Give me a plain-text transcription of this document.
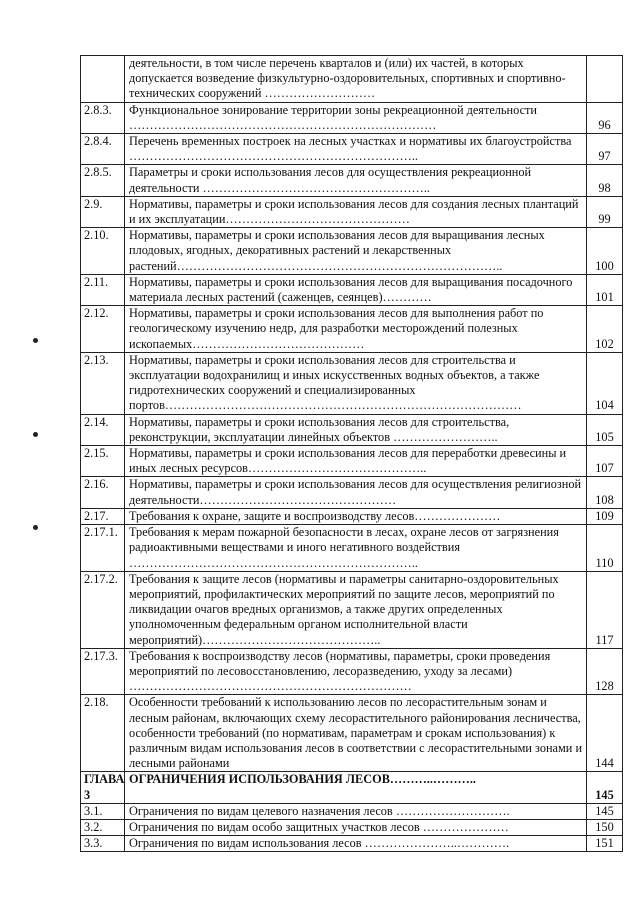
	деятельности, в том числе перечень кварталов и (или) их частей, в которых допускается возведение физкультурно-оздоровительных, спортивных и спортивно-технических сооружений ………………………	
2.8.3.	Функциональное зонирование территории зоны рекреационной деятельности …………………………………………………………………	96
2.8.4.	Перечень временных построек на лесных участках и нормативы их благоустройства ……………………………………………………………..	97
2.8.5.	Параметры и сроки использования лесов для осуществления рекреационной деятельности ………………………………………………..	98
2.9.	Нормативы, параметры и сроки использования лесов для создания лесных плантаций и их эксплуатации………………………………………	99
2.10.	Нормативы, параметры и сроки использования лесов для выращивания лесных плодовых, ягодных, декоративных растений и лекарственных растений……………………………………………………………………..	100
2.11.	Нормативы, параметры и сроки использования лесов для выращивания посадочного материала лесных растений (саженцев, сеянцев)…………	101
2.12.	Нормативы, параметры и сроки использования лесов для выполнения работ по геологическому изучению недр, для разработки месторождений полезных ископаемых……………………………………	102
2.13.	Нормативы, параметры и сроки использования лесов для строительства и эксплуатации водохранилищ и иных искусственных водных объектов, а также гидротехнических сооружений и специализированных портов……………………………………………………………………………	104
2.14.	Нормативы, параметры и сроки использования лесов для строительства, реконструкции, эксплуатации линейных объектов ……………………..	105
2.15.	Нормативы, параметры и сроки использования лесов для переработки древесины и иных лесных ресурсов……………………………………..	107
2.16.	Нормативы, параметры и сроки использования лесов для осуществления религиозной деятельности…………………………………………	108
2.17.	Требования к охране, защите и воспроизводству лесов…………………	109
2.17.1.	Требования к мерам пожарной безопасности в лесах, охране лесов от загрязнения радиоактивными веществами и иного негативного воздействия ……………………………………………………………..	110
2.17.2.	Требования к защите лесов (нормативы и параметры санитарно-оздоровительных мероприятий, профилактических мероприятий по защите лесов, мероприятий по ликвидации очагов вредных организмов, а также других определенных уполномоченным федеральным органом исполнительной власти мероприятий)……………………………………..	117
2.17.3.	Требования к воспроизводству лесов (нормативы, параметры, сроки проведения мероприятий по лесовосстановлению, лесоразведению, уходу за лесами) ……………………………………………………………	128
2.18.	Особенности требований к использованию лесов по лесорастительным зонам и лесным районам, включающих схему лесорастительного районирования лесничества, особенности требований (по нормативам, параметрам и срокам использования) к различным видам использования лесов в соответствии с лесорастительными зонами и лесными районами	144
ГЛАВА 3	ОГРАНИЧЕНИЯ ИСПОЛЬЗОВАНИЯ ЛЕСОВ………..………..	145
3.1.	Ограничения по видам целевого назначения лесов ……………………….	145
3.2.	Ограничения по видам особо защитных участков лесов …………………	150
3.3.	Ограничения по видам использования лесов …………………..………….	151
